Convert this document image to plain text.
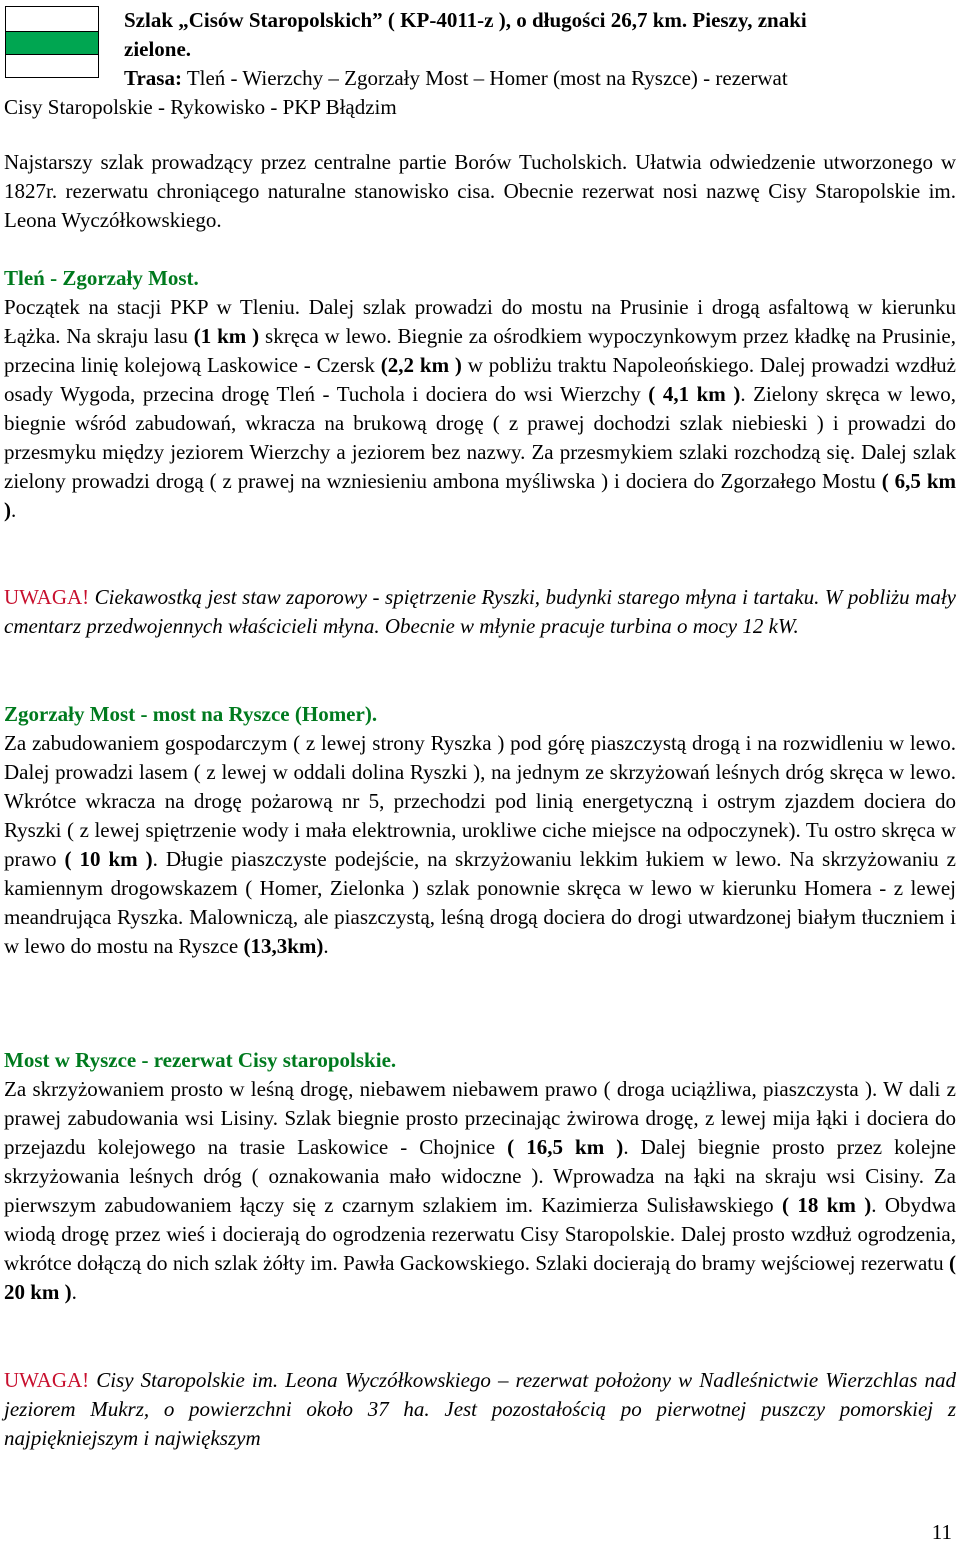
Szlak „Cisów Staropolskich” ( KP-4011-z ), o długości 26,7 km. Pieszy, znaki
zielone.
Trasa: Tleń - Wierzchy – Zgorzały Most – Homer (most na Ryszce) - rezerwat
Cisy Staropolskie - Rykowisko - PKP Błądzim

Najstarszy szlak prowadzący przez centralne partie Borów Tucholskich. Ułatwia odwiedzenie utworzonego w 1827r. rezerwatu chroniącego naturalne stanowisko cisa. Obecnie rezerwat nosi nazwę Cisy Staropolskie im. Leona Wyczółkowskiego.

Tleń - Zgorzały Most.

Początek na stacji PKP w Tleniu. Dalej szlak prowadzi do mostu na Prusinie i drogą asfaltową w kierunku Łążka. Na skraju lasu (1 km ) skręca w lewo. Biegnie za ośrodkiem wypoczynkowym przez kładkę na Prusinie, przecina linię kolejową Laskowice - Czersk (2,2 km ) w pobliżu traktu Napoleońskiego. Dalej prowadzi wzdłuż osady Wygoda, przecina drogę Tleń - Tuchola i dociera do wsi Wierzchy ( 4,1 km ). Zielony skręca w lewo, biegnie wśród zabudowań, wkracza na brukową drogę ( z prawej dochodzi szlak niebieski ) i prowadzi do przesmyku między jeziorem Wierzchy a jeziorem bez nazwy. Za przesmykiem szlaki rozchodzą się. Dalej szlak zielony prowadzi drogą ( z prawej na wzniesieniu ambona myśliwska ) i dociera do Zgorzałego Mostu ( 6,5 km ).

UWAGA! Ciekawostką jest staw zaporowy - spiętrzenie Ryszki, budynki starego młyna i tartaku. W pobliżu mały cmentarz przedwojennych właścicieli młyna. Obecnie w młynie pracuje turbina o mocy 12 kW.

Zgorzały Most - most na Ryszce (Homer).

Za zabudowaniem gospodarczym ( z lewej strony Ryszka ) pod górę piaszczystą drogą i na rozwidleniu w lewo. Dalej prowadzi lasem ( z lewej w oddali dolina Ryszki ), na jednym ze skrzyżowań leśnych dróg skręca w lewo. Wkrótce wkracza na drogę pożarową nr 5, przechodzi pod linią energetyczną i ostrym zjazdem dociera do Ryszki ( z lewej spiętrzenie wody i mała elektrownia, urokliwe ciche miejsce na odpoczynek). Tu ostro skręca w prawo ( 10 km ). Długie piaszczyste podejście, na skrzyżowaniu lekkim łukiem w lewo. Na skrzyżowaniu z kamiennym drogowskazem ( Homer, Zielonka ) szlak ponownie skręca w lewo w kierunku Homera - z lewej meandrująca Ryszka. Malowniczą, ale piaszczystą, leśną drogą dociera do drogi utwardzonej białym tłuczniem i w lewo do mostu na Ryszce (13,3km).

Most w Ryszce - rezerwat Cisy staropolskie.

Za skrzyżowaniem prosto w leśną drogę, niebawem niebawem prawo ( droga uciążliwa, piaszczysta ). W dali z prawej zabudowania wsi Lisiny. Szlak biegnie prosto przecinając żwirowa drogę, z lewej mija łąki i dociera do przejazdu kolejowego na trasie Laskowice - Chojnice ( 16,5 km ). Dalej biegnie prosto przez kolejne skrzyżowania leśnych dróg ( oznakowania mało widoczne ). Wprowadza na łąki na skraju wsi Cisiny. Za pierwszym zabudowaniem łączy się z czarnym szlakiem im. Kazimierza Sulisławskiego ( 18 km ). Obydwa wiodą drogę przez wieś i docierają do ogrodzenia rezerwatu Cisy Staropolskie. Dalej prosto wzdłuż ogrodzenia, wkrótce dołączą do nich szlak żółty im. Pawła Gackowskiego. Szlaki docierają do bramy wejściowej rezerwatu ( 20 km ).

UWAGA! Cisy Staropolskie im. Leona Wyczółkowskiego – rezerwat położony w Nadleśnictwie Wierzchlas nad jeziorem Mukrz, o powierzchni około 37 ha. Jest pozostałością po pierwotnej puszczy pomorskiej z najpiękniejszym i największym

11
